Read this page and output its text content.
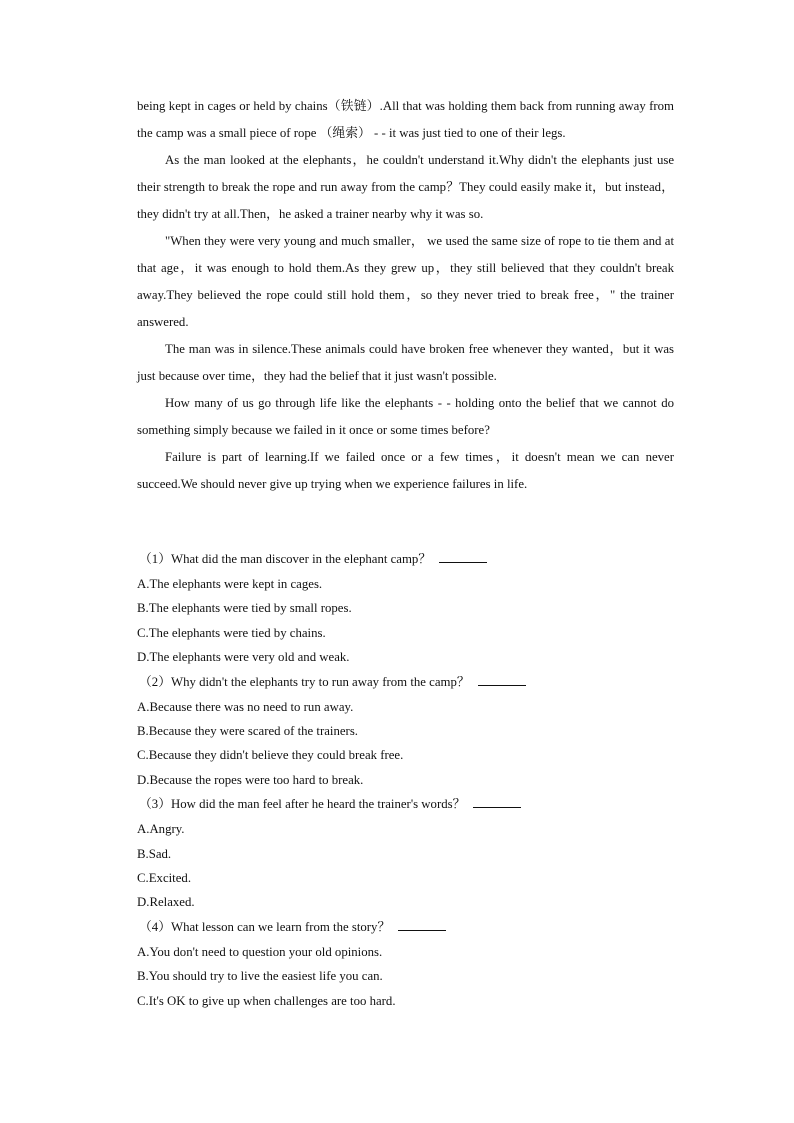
being kept in cages or held by chains（铁链）.All that was holding them back from running away from the camp was a small piece of rope （绳索） - - it was just tied to one of their legs.

As the man looked at the elephants，he couldn't understand it.Why didn't the elephants just use their strength to break the rope and run away from the camp？They could easily make it，but instead，they didn't try at all.Then，he asked a trainer nearby why it was so.

"When they were very young and much smaller， we used the same size of rope to tie them and at that age，it was enough to hold them.As they grew up，they still believed that they couldn't break away.They believed the rope could still hold them，so they never tried to break free，" the trainer answered.

The man was in silence.These animals could have broken free whenever they wanted，but it was just because over time，they had the belief that it just wasn't possible.

How many of us go through life like the elephants - - holding onto the belief that we cannot do something simply because we failed in it once or some times before?

Failure is part of learning.If we failed once or a few times，it doesn't mean we can never succeed.We should never give up trying when we experience failures in life.

（1）What did the man discover in the elephant camp？

A.The elephants were kept in cages.

B.The elephants were tied by small ropes.

C.The elephants were tied by chains.

D.The elephants were very old and weak.

（2）Why didn't the elephants try to run away from the camp？

A.Because there was no need to run away.

B.Because they were scared of the trainers.

C.Because they didn't believe they could break free.

D.Because the ropes were too hard to break.

（3）How did the man feel after he heard the trainer's words？

A.Angry.

B.Sad.

C.Excited.

D.Relaxed.

（4）What lesson can we learn from the story？

A.You don't need to question your old opinions.

B.You should try to live the easiest life you can.

C.It's OK to give up when challenges are too hard.
